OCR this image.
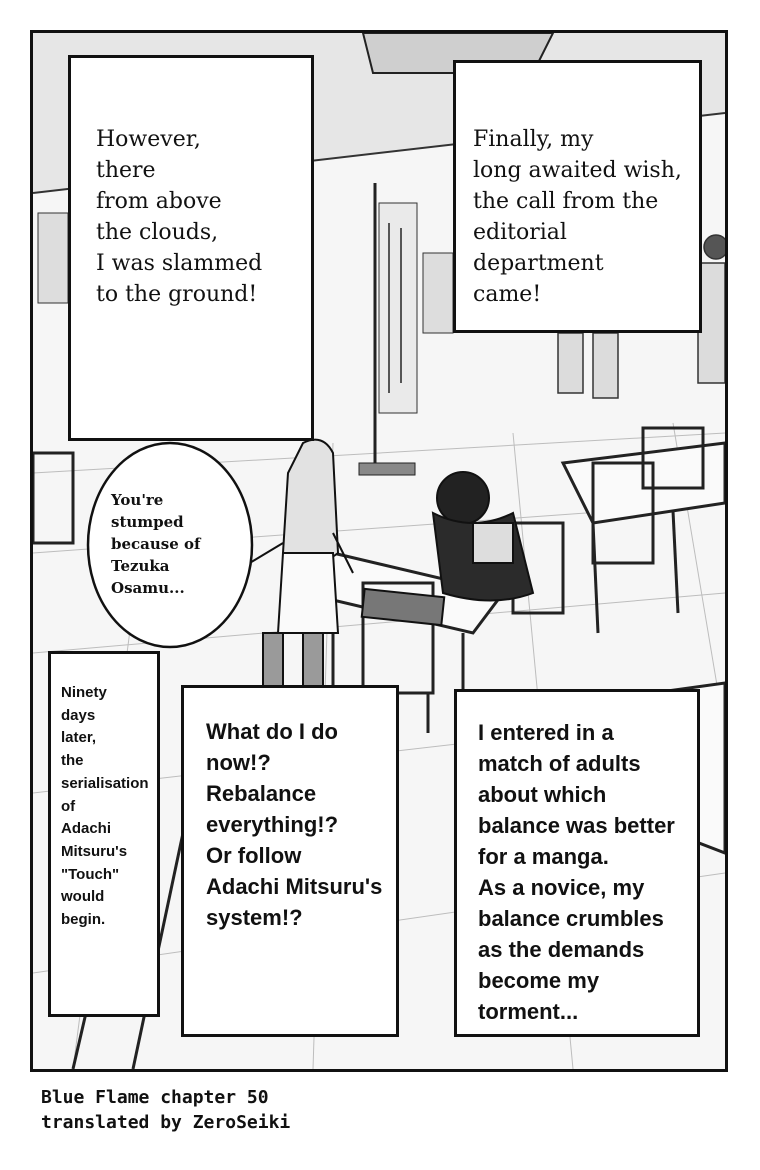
However,
there
from above
the clouds,
I was slammed
to the ground!
Finally, my
long awaited wish,
the call from the
editorial
department
came!
You're
stumped
because of
Tezuka
Osamu...
Ninety
days
later,
the
serialisation
of
Adachi
Mitsuru's
"Touch"
would
begin.
What do I do
now!?
Rebalance
everything!?
Or follow
Adachi Mitsuru's
system!?
I entered in a
match of adults
about which
balance was better
for a manga.
As a novice, my
balance crumbles
as the demands
become my
torment...
Blue Flame chapter 50
translated by ZeroSeiki
